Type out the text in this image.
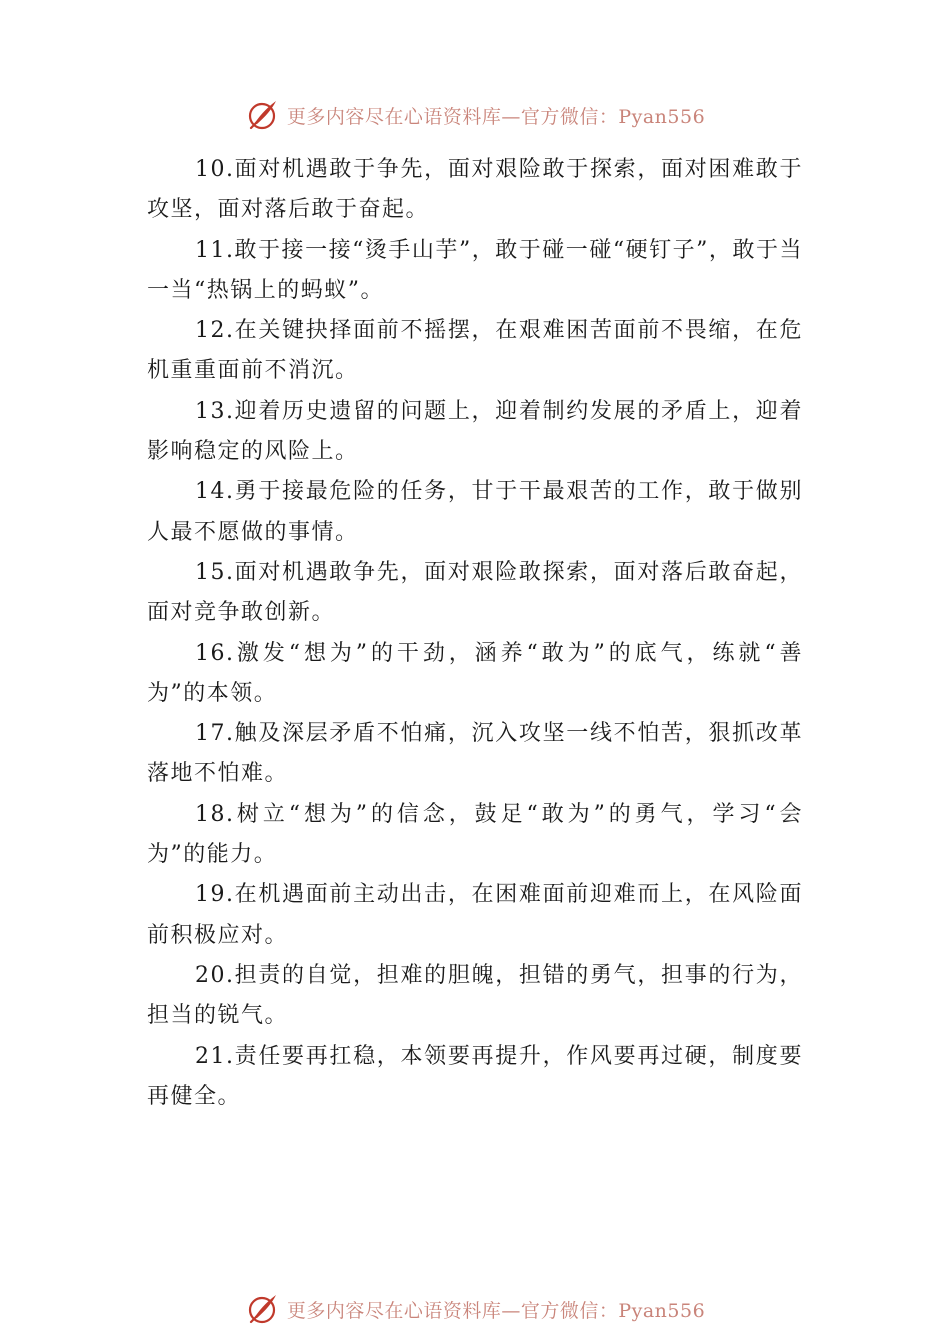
更多内容尽在心语资料库—官方微信：Pyan556

10.面对机遇敢于争先，面对艰险敢于探索，面对困难敢于攻坚，面对落后敢于奋起。

11.敢于接一接“烫手山芋”，敢于碰一碰“硬钉子”，敢于当一当“热锅上的蚂蚁”。

12.在关键抉择面前不摇摆，在艰难困苦面前不畏缩，在危机重重面前不消沉。

13.迎着历史遗留的问题上，迎着制约发展的矛盾上，迎着影响稳定的风险上。

14.勇于接最危险的任务，甘于干最艰苦的工作，敢于做别人最不愿做的事情。

15.面对机遇敢争先，面对艰险敢探索，面对落后敢奋起，面对竞争敢创新。

16.激发“想为”的干劲，涵养“敢为”的底气，练就“善为”的本领。

17.触及深层矛盾不怕痛，沉入攻坚一线不怕苦，狠抓改革落地不怕难。

18.树立“想为”的信念，鼓足“敢为”的勇气，学习“会为”的能力。

19.在机遇面前主动出击，在困难面前迎难而上，在风险面前积极应对。

20.担责的自觉，担难的胆魄，担错的勇气，担事的行为，担当的锐气。

21.责任要再扛稳，本领要再提升，作风要再过硬，制度要再健全。

更多内容尽在心语资料库—官方微信：Pyan556
